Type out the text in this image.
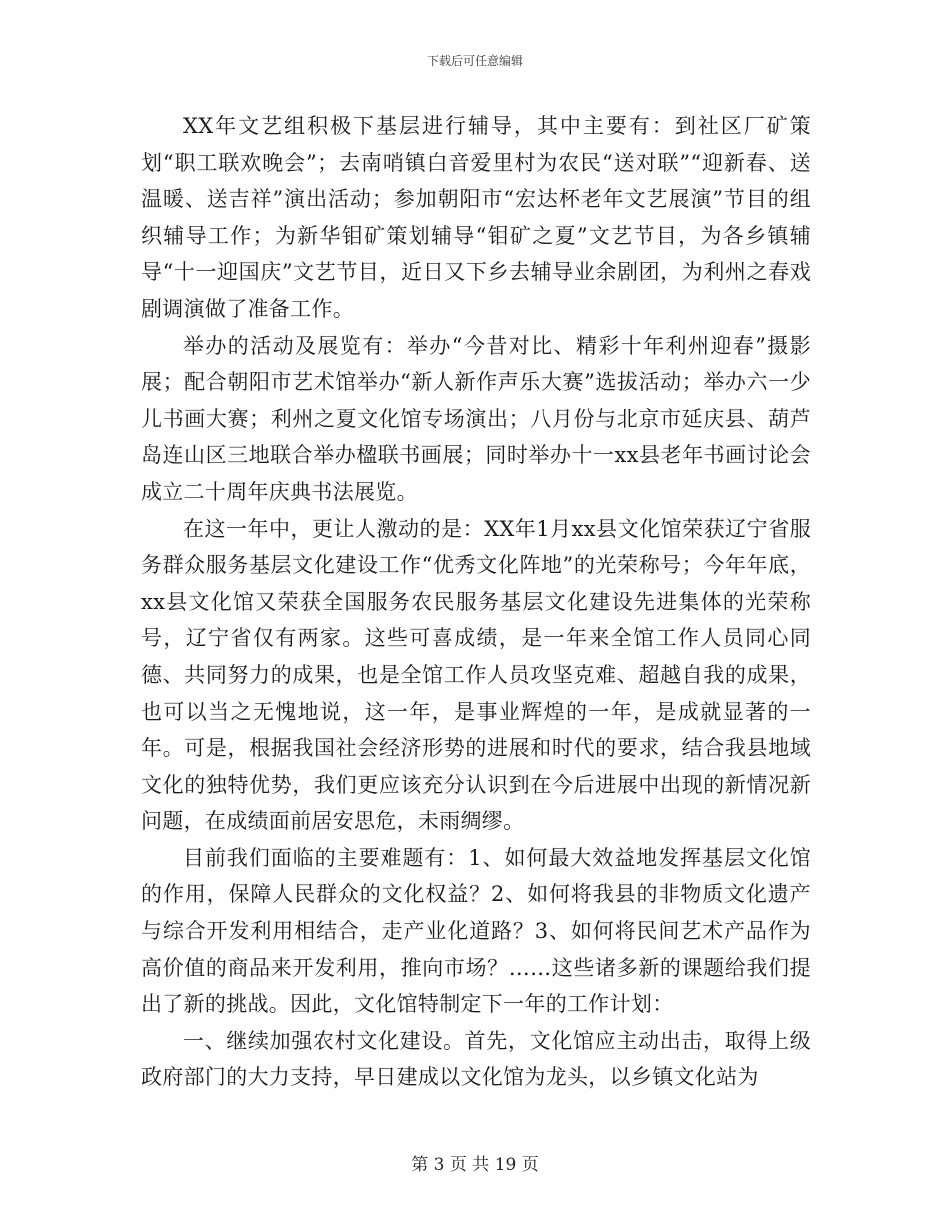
下载后可任意编辑

XX年文艺组积极下基层进行辅导，其中主要有：到社区厂矿策划“职工联欢晚会”；去南哨镇白音爱里村为农民“送对联”“迎新春、送温暖、送吉祥”演出活动；参加朝阳市“宏达杯老年文艺展演”节目的组织辅导工作；为新华钼矿策划辅导“钼矿之夏”文艺节目，为各乡镇辅导“十一迎国庆”文艺节目，近日又下乡去辅导业余剧团，为利州之春戏剧调演做了准备工作。

举办的活动及展览有：举办“今昔对比、精彩十年利州迎春”摄影展；配合朝阳市艺术馆举办“新人新作声乐大赛”选拔活动；举办六一少儿书画大赛；利州之夏文化馆专场演出；八月份与北京市延庆县、葫芦岛连山区三地联合举办楹联书画展；同时举办十一xx县老年书画讨论会成立二十周年庆典书法展览。

在这一年中，更让人激动的是：XX年1月xx县文化馆荣获辽宁省服务群众服务基层文化建设工作“优秀文化阵地”的光荣称号；今年年底，xx县文化馆又荣获全国服务农民服务基层文化建设先进集体的光荣称号，辽宁省仅有两家。这些可喜成绩，是一年来全馆工作人员同心同德、共同努力的成果，也是全馆工作人员攻坚克难、超越自我的成果，也可以当之无愧地说，这一年，是事业辉煌的一年，是成就显著的一年。可是，根据我国社会经济形势的进展和时代的要求，结合我县地域文化的独特优势，我们更应该充分认识到在今后进展中出现的新情况新问题，在成绩面前居安思危，未雨绸缪。

目前我们面临的主要难题有：1、如何最大效益地发挥基层文化馆的作用，保障人民群众的文化权益？2、如何将我县的非物质文化遗产与综合开发利用相结合，走产业化道路？3、如何将民间艺术产品作为高价值的商品来开发利用，推向市场？……这些诸多新的课题给我们提出了新的挑战。因此，文化馆特制定下一年的工作计划：

一、继续加强农村文化建设。首先，文化馆应主动出击，取得上级政府部门的大力支持，早日建成以文化馆为龙头，以乡镇文化站为

第 3 页 共 19 页
